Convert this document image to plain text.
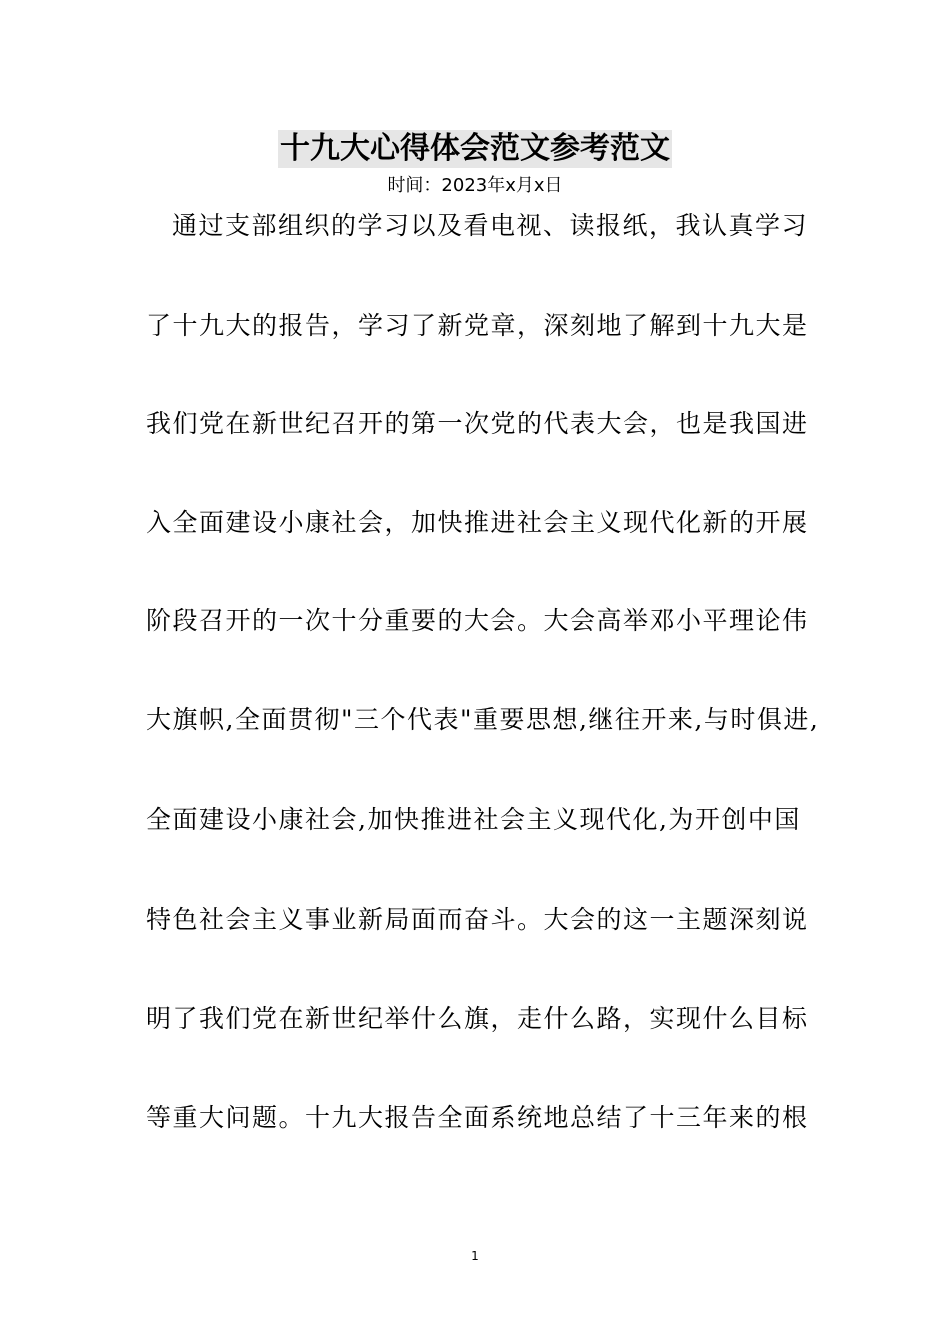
十九大心得体会范文参考范文
时间：2023年x月x日
通过支部组织的学习以及看电视、读报纸，我认真学习
了十九大的报告，学习了新党章，深刻地了解到十九大是
我们党在新世纪召开的第一次党的代表大会，也是我国进
入全面建设小康社会，加快推进社会主义现代化新的开展
阶段召开的一次十分重要的大会。大会高举邓小平理论伟
大旗帜,全面贯彻"三个代表"重要思想,继往开来,与时俱进,
全面建设小康社会,加快推进社会主义现代化,为开创中国
特色社会主义事业新局面而奋斗。大会的这一主题深刻说
明了我们党在新世纪举什么旗，走什么路，实现什么目标
等重大问题。十九大报告全面系统地总结了十三年来的根
1
